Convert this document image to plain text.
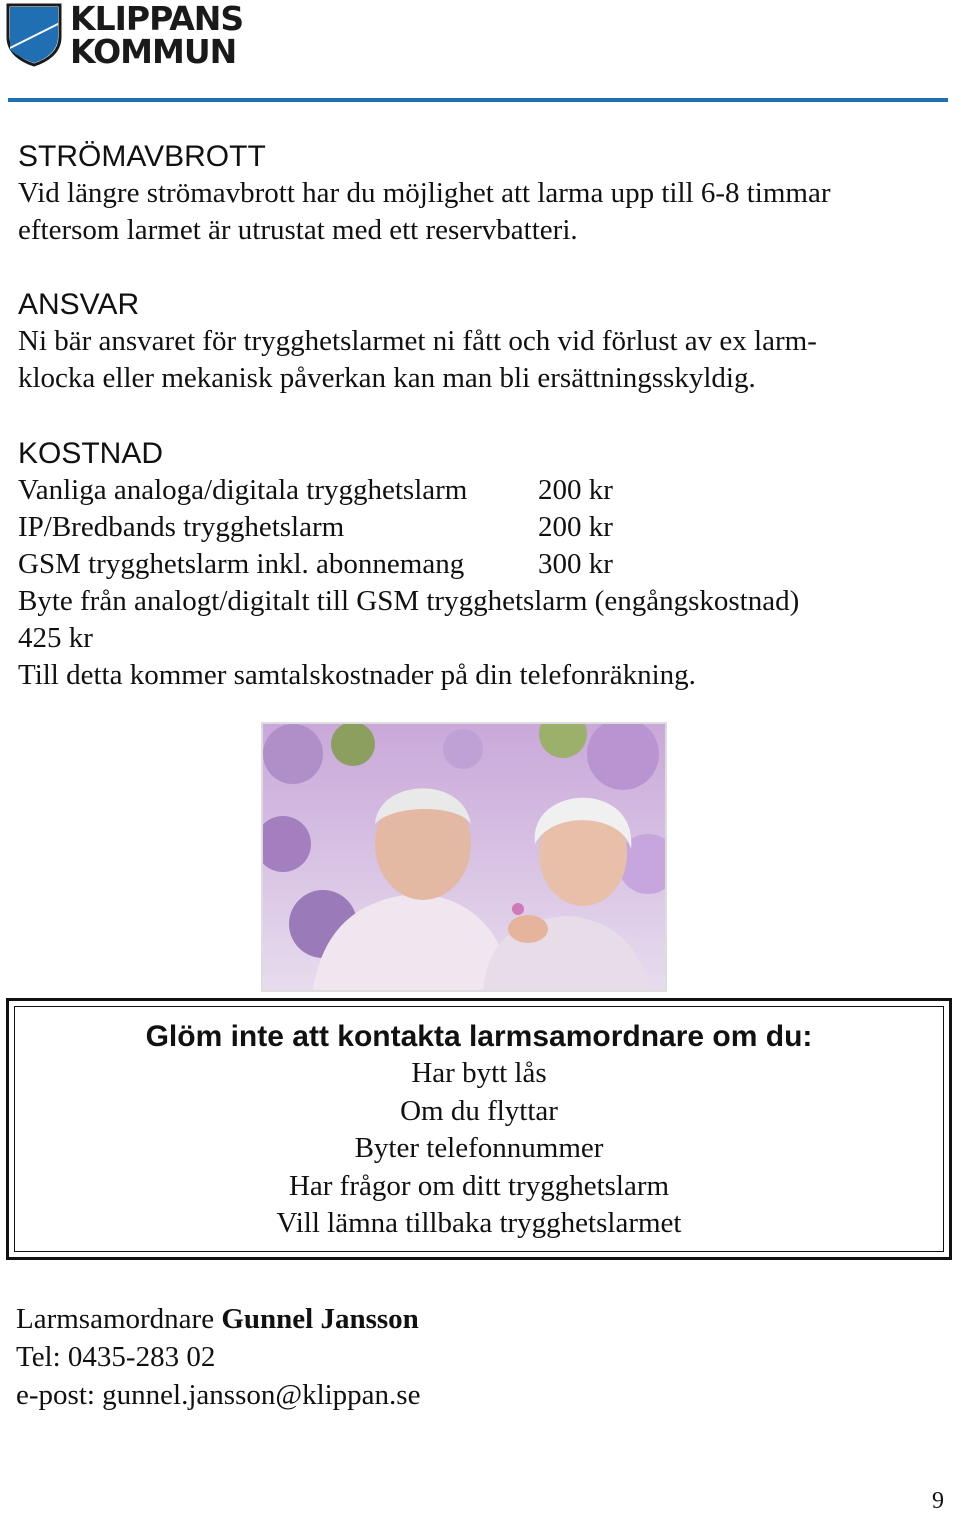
KLIPPANS
KOMMUN
STRÖMAVBROTT
Vid längre strömavbrott har du möjlighet att larma upp till 6-8 timmar
eftersom larmet är utrustat med ett reservbatteri.
ANSVAR
Ni bär ansvaret för trygghetslarmet ni fått och vid förlust av ex larm-
klocka eller mekanisk påverkan kan man bli ersättningsskyldig.
KOSTNAD
Vanliga analoga/digitala trygghetslarm 200 kr
IP/Bredbands trygghetslarm	200 kr
GSM trygghetslarm inkl. abonnemang	300 kr
Byte från analogt/digitalt till GSM trygghetslarm (engångskostnad)
425 kr
Till detta kommer samtalskostnader på din telefonräkning.
Glöm inte att kontakta larmsamordnare om du:
Har bytt lås
Om du flyttar
Byter telefonnummer
Har frågor om ditt trygghetslarm
Vill lämna tillbaka trygghetslarmet
Larmsamordnare Gunnel Jansson
Tel: 0435-283 02
e-post: gunnel.jansson@klippan.se
9
